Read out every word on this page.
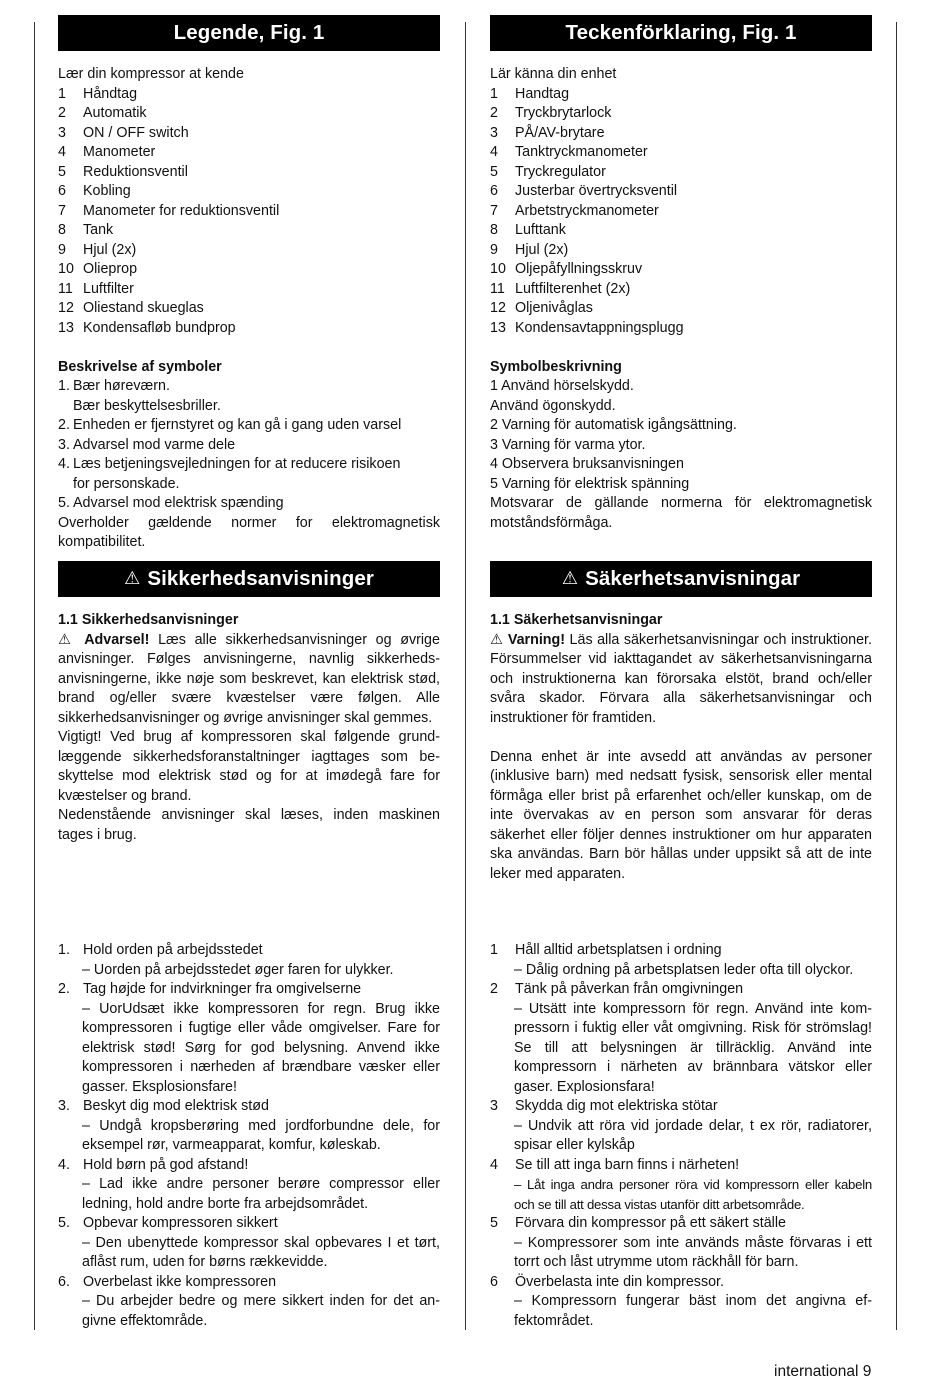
Legende, Fig. 1

Lær din kompressor at kende

1	Håndtag
2	Automatik
3	ON / OFF switch
4	Manometer
5	Reduktionsventil
6	Kobling
7	Manometer for reduktionsventil
8	Tank
9	Hjul (2x)
10 Olieprop
11 Luftfilter
12 Oliestand skueglas
13 Kondensafløb bundprop

Beskrivelse af symboler

1. Bær høreværn.
Bær beskyttelsesbriller.
2. Enheden er fjernstyret og kan gå i gang uden varsel
3. Advarsel mod varme dele
4. Læs betjeningsvejledningen for at reducere risikoen
for personskade.
5. Advarsel mod elektrisk spænding

Overholder gældende normer for elektromagnetisk kompatibilitet.

⚠ Sikkerhedsanvisninger

1.1 Sikkerhedsanvisninger

⚠ Advarsel! Læs alle sikkerhedsanvisninger og øvrige anvisninger. Følges anvisningerne, navnlig sikkerhedsanvisningerne, ikke nøje som beskrevet, kan elektrisk stød, brand og/eller svære kvæstelser være følgen. Alle sikkerhedsanvisninger og øvrige anvisninger skal gemmes.

Vigtigt! Ved brug af kompressoren skal følgende grundlæggende sikkerhedsforanstaltninger iagttages som beskyttelse mod elektrisk stød og for at imødegå fare for kvæstelser og brand.

Nedenstående anvisninger skal læses, inden maskinen tages i brug.

1. Hold orden på arbejdsstedet
– Uorden på arbejdsstedet øger faren for ulykker.
2. Tag højde for indvirkninger fra omgivelserne
– UorUdsæt ikke kompressoren for regn. Brug ikke kompressoren i fugtige eller våde omgivelser. Fare for elektrisk stød! Sørg for god belysning. Anvend ikke kompressoren i nærheden af brændbare væsker eller gasser. Eksplosionsfare!
3. Beskyt dig mod elektrisk stød
– Undgå kropsberøring med jordforbundne dele, for eksempel rør, varmeapparat, komfur, køleskab.
4. Hold børn på god afstand!
– Lad ikke andre personer berøre compressor eller ledning, hold andre borte fra arbejdsområdet.
5. Opbevar kompressoren sikkert
– Den ubenyttede kompressor skal opbevares I et tørt, aflåst rum, uden for børns rækkevidde.
6. Overbelast ikke kompressoren
– Du arbejder bedre og mere sikkert inden for det angivne effektområde.
Teckenförklaring, Fig. 1

Lär känna din enhet

1	Handtag
2	Tryckbrytarlock
3	PÅ/AV-brytare
4	Tanktryckmanometer
5	Tryckregulator
6	Justerbar övertrycksventil
7	Arbetstryckmanometer
8	Lufttank
9	Hjul (2x)
10 Oljepåfyllningsskruv
11 Luftfilterenhet (2x)
12 Oljenivåglas
13 Kondensavtappningsplugg

Symbolbeskrivning

1 Använd hörselskydd.
Använd ögonskydd.
2 Varning för automatisk igångsättning.
3 Varning för varma ytor.
4 Observera bruksanvisningen
5 Varning för elektrisk spänning

Motsvarar de gällande normerna för elektromagnetisk motståndsförmåga.

⚠ Säkerhetsanvisningar

1.1 Säkerhetsanvisningar

⚠ Varning! Läs alla säkerhetsanvisningar och instruktioner. Försummelser vid iakttagandet av säkerhetsanvisningarna och instruktionerna kan förorsaka elstöt, brand och/eller svåra skador. Förvara alla säkerhetsanvisningar och instruktioner för framtiden.

Denna enhet är inte avsedd att användas av personer (inklusive barn) med nedsatt fysisk, sensorisk eller mental förmåga eller brist på erfarenhet och/eller kunskap, om de inte övervakas av en person som ansvarar för deras säkerhet eller följer dennes instruktioner om hur apparaten ska användas. Barn bör hållas under uppsikt så att de inte leker med apparaten.

1	Håll alltid arbetsplatsen i ordning
– Dålig ordning på arbetsplatsen leder ofta till olyckor.
2	Tänk på påverkan från omgivningen
– Utsätt inte kompressorn för regn. Använd inte kompressorn i fuktig eller våt omgivning. Risk för strömslag! Se till att belysningen är tillräcklig. Använd inte kompressorn i närheten av brännbara vätskor eller gaser. Explosionsfara!
3	Skydda dig mot elektriska stötar
– Undvik att röra vid jordade delar, t ex rör, radiatorer, spisar eller kylskåp
4	Se till att inga barn finns i närheten!
– Låt inga andra personer röra vid kompressorn eller kabeln och se till att dessa vistas utanför ditt arbetsområde.
5	Förvara din kompressor på ett säkert ställe
– Kompressorer som inte används måste förvaras i ett torrt och låst utrymme utom räckhåll för barn.
6	Överbelasta inte din kompressor.
– Kompressorn fungerar bäst inom det angivna effektområdet.
international 9
